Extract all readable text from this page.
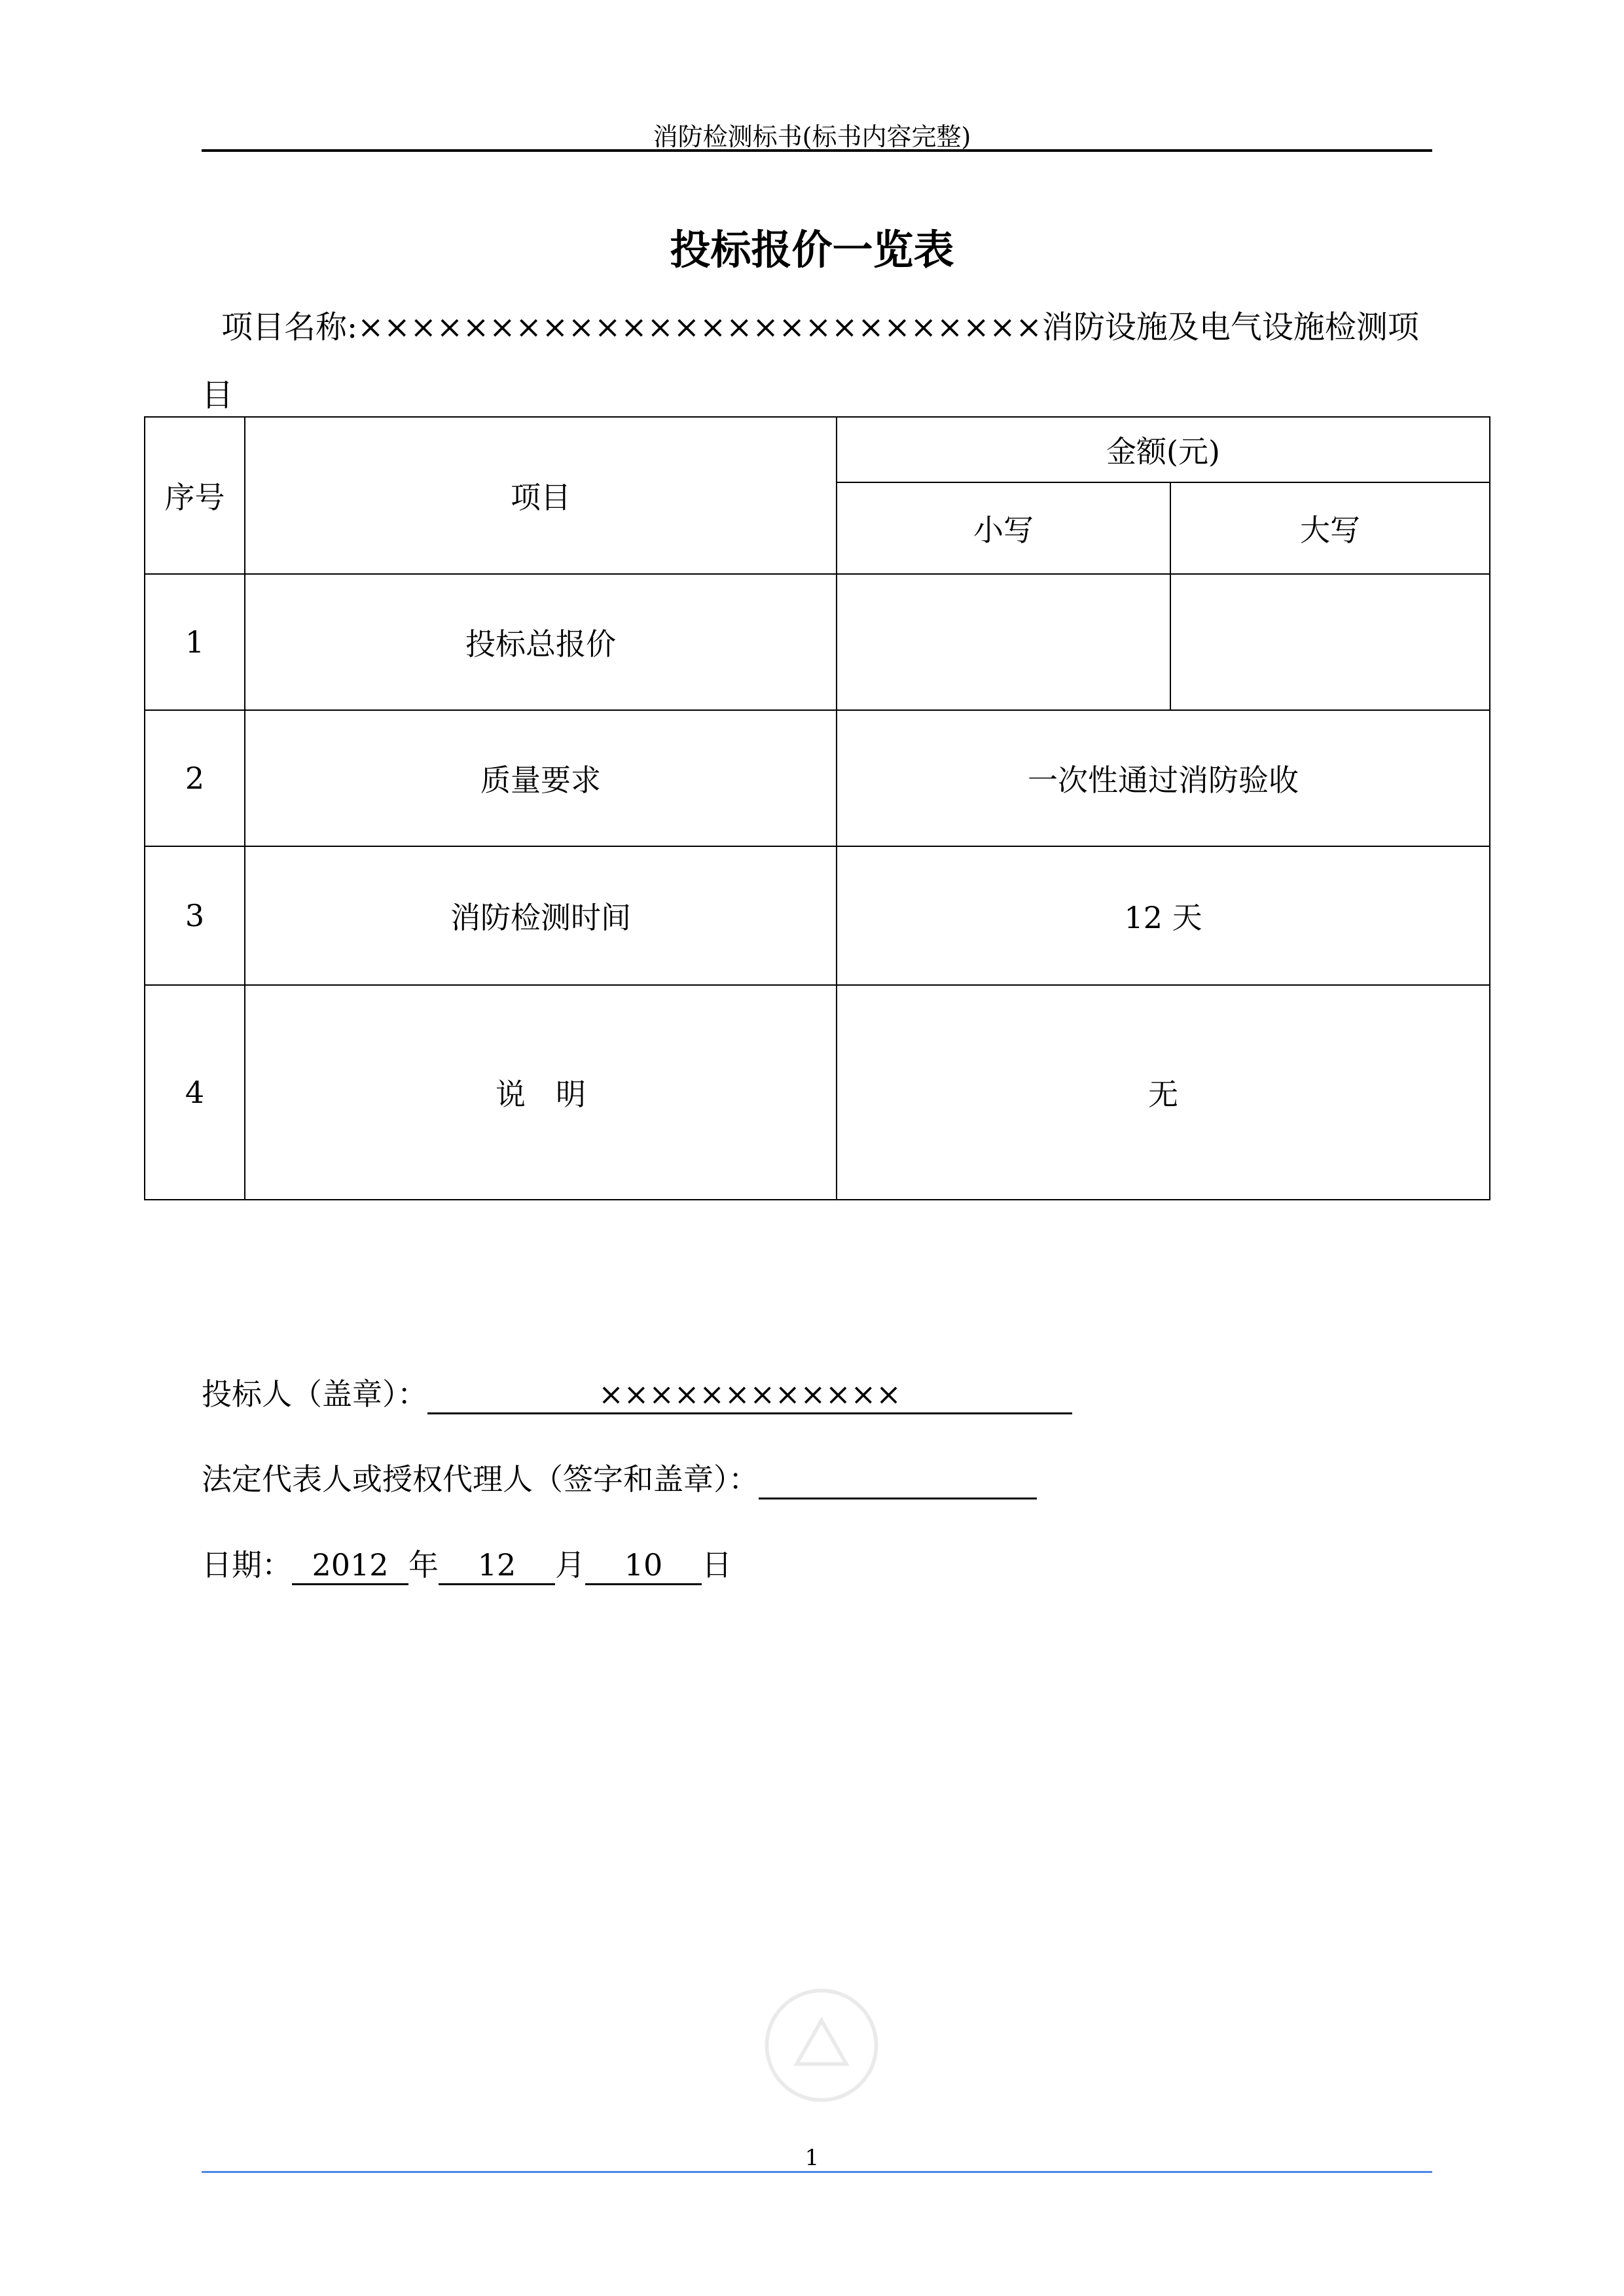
消防检测标书(标书内容完整)
投标报价一览表
项目名称:××××××××××××××××××××××××××消防设施及电气设施检测项目
序号	项目	金额(元)	
		小写	大写
1	投标总报价		
2	质量要求	一次性通过消防验收	
3	消防检测时间	12 天	
4	说　明	无	
投标人（盖章）：	××××××××××××
法定代表人或授权代理人（签字和盖章）：
日期： 2012 年 12 月 10 日
1
